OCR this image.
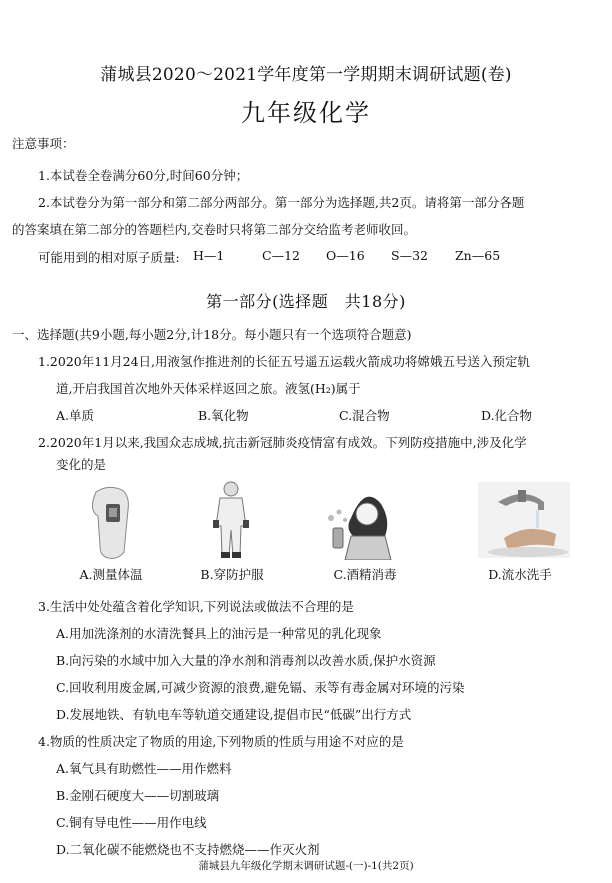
蒲城县2020～2021学年度第一学期期末调研试题(卷)
九年级化学
注意事项：
1.本试卷全卷满分60分,时间60分钟；
2.本试卷分为第一部分和第二部分两部分。第一部分为选择题,共2页。请将第一部分各题
的答案填在第二部分的答题栏内,交卷时只将第二部分交给监考老师收回。
可能用到的相对原子质量: H—1	C—12 O—16 S—32 Zn—65
第一部分(选择题　共18分)
一、选择题(共9小题,每小题2分,计18分。每小题只有一个选项符合题意)
1.2020年11月24日,用液氢作推进剂的长征五号遥五运载火箭成功将嫦娥五号送入预定轨
道,开启我国首次地外天体采样返回之旅。液氢(H₂)属于
A.单质	B.氧化物	C.混合物	D.化合物
2.2020年1月以来,我国众志成城,抗击新冠肺炎疫情富有成效。下列防疫措施中,涉及化学
变化的是
A.测量体温	B.穿防护服	C.酒精消毒	D.流水洗手
3.生活中处处蕴含着化学知识,下列说法或做法不合理的是
A.用加洗涤剂的水清洗餐具上的油污是一种常见的乳化现象
B.向污染的水域中加入大量的净水剂和消毒剂以改善水质,保护水资源
C.回收利用废金属,可减少资源的浪费,避免镉、汞等有毒金属对环境的污染
D.发展地铁、有轨电车等轨道交通建设,提倡市民“低碳”出行方式
4.物质的性质决定了物质的用途,下列物质的性质与用途不对应的是
A.氧气具有助燃性——用作燃料
B.金刚石硬度大——切割玻璃
C.铜有导电性——用作电线
D.二氧化碳不能燃烧也不支持燃烧——作灭火剂
蒲城县九年级化学期末调研试题-(一)-1(共2页)
